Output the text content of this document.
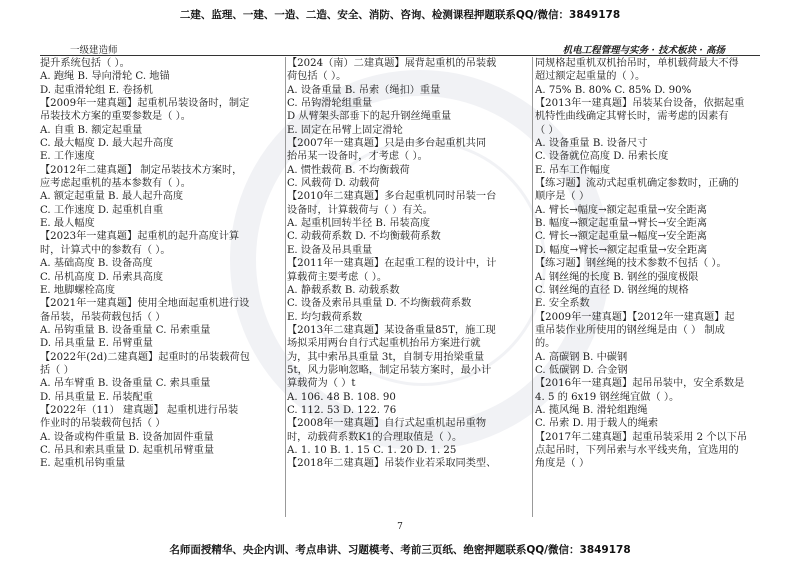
二建、监理、一建、一造、二造、安全、消防、咨询、检测课程押题联系QQ/微信：3849178
一级建造师	机电工程管理与实务 · 技术板块 · 高扬
提升系统包括（ ）。
A. 跑绳 B. 导向滑轮 C. 地锚
D. 起重滑轮组 E. 卷扬机
【2009年一建真题】起重机吊装设备时，制定
吊装技术方案的重要参数是（ ）。
A. 自重 B. 额定起重量
C. 最大幅度 D. 最大起升高度
E. 工作速度
【2012年二建真题】 制定吊装技术方案时，
应考虑起重机的基本参数有（ ）。
A. 额定起重量 B. 最人起升高度
C. 工作速度 D. 起重机自重
E. 最人幅度
【2023年一建真题】起重机的起升高度计算
时，计算式中的参数有（ ）。
A. 基础高度 B. 设备高度
C. 吊机高度 D. 吊索具高度
E. 地脚螺栓高度
【2021年一建真题】使用全地面起重机进行设
备吊装，吊装荷载包括（ ）
A. 吊钩重量 B. 设备重量 C. 吊索重量
D. 吊具重量 E. 吊臂重量
【2022年(2d)二建真题】起重时的吊装载荷包
括（ ）
A. 吊车臂重 B. 设备重量 C. 索具重量
D. 吊具重量 E. 吊装配重
【2022年（11） 建真题】 起重机进行吊装
作业时的吊装载荷包括（ ）
A. 设备或构件重量 B. 设备加固件重量
C. 吊具和索具重量 D. 起重机吊臂重量
E. 起重机吊钩重量
【2024（南）二建真题】展背起重机的吊装载
荷包括（ ）。
A. 设备重量 B. 吊索（绳扣）重量
C. 吊钩滑轮组重量
D 从臂架头部垂下的起升钢丝绳重量
E. 固定在吊臂上固定滑轮
【2007年一建真题】只是由多台起重机共同
抬吊某一设备时，才考虑（ ）。
A. 惯性载荷 B. 不均衡载荷
C. 风载荷 D. 动载荷
【2010年二建真题】多台起重机同时吊装一台
设备时，计算载荷与（ ）有关。
A. 起重机回转半径 B. 吊装高度
C. 动载荷系数 D. 不均衡载荷系数
E. 设备及吊具重量
【2011年一建真题】在起重工程的设计中，计
算载荷主要考虑（ ）。
A. 静载系数 B. 动载系数
C. 设备及索吊具重量 D. 不均衡载荷系数
E. 均匀载荷系数
【2013年二建真题】某设备重量85T，施工现
场拟采用两台自行式起重机抬吊方案进行就
为，其中索吊具重量 3t，自制专用抬梁重量
5t，风力影响忽略，制定吊装方案时，最小计
算载荷为（ ）t
A. 106. 48 B. 108. 90
C. 112. 53 D. 122. 76
【2008年一建真题】自行式起重机起吊重物
时，动载荷系数K1的合理取值是（ ）。
A. 1. 10 B. 1. 15 C. 1. 20 D. 1. 25
【2018年二建真题】吊装作业若采取同类型、
同规格起重机双机抬吊时，单机载荷最大不得
超过额定起重量的（ ）。
A. 75% B. 80% C. 85% D. 90%
【2013年一建真题】吊装某台设备，依据起重
机特性曲线确定其臂长时，需考虑的因素有
（ ）
A. 设备重量 B. 设备尺寸
C. 设备就位高度 D. 吊索长度
E. 吊车工作幅度
【练习题】流动式起重机确定参数时，正确的
顺序是（ ）
A. 臂长→幅度→额定起重量→安全距离
B. 幅度→额定起重量→臂长→安全距离
C. 臂长→额定起重量→幅度→安全距离
D. 幅度→臂长→额定起重量→安全距离
【练习题】钢丝绳的技术参数不包括（ ）。
A. 钢丝绳的长度 B. 钢丝的强度极限
C. 钢丝绳的直径 D. 钢丝绳的规格
E. 安全系数
【2009年一建真题】【2012年一建真题】起
重吊装作业所使用的钢丝绳是由（ ） 制成
的。
A. 高碳钢 B. 中碳钢
C. 低碳钢 D. 合金钢
【2016年一建真题】起吊吊装中，安全系数是
4. 5 的 6x19 钢丝绳宜做（ ）。
A. 揽风绳 B. 滑轮组跑绳
C. 吊索 D. 用于载人的绳索
【2017年二建真题】起重吊装采用 2 个以下吊
点起吊时，下列吊索与水平线夹角，宜选用的
角度是（ ）
7
名师面授精华、央企内训、考点串讲、习题模考、考前三页纸、绝密押题联系QQ/微信：3849178
